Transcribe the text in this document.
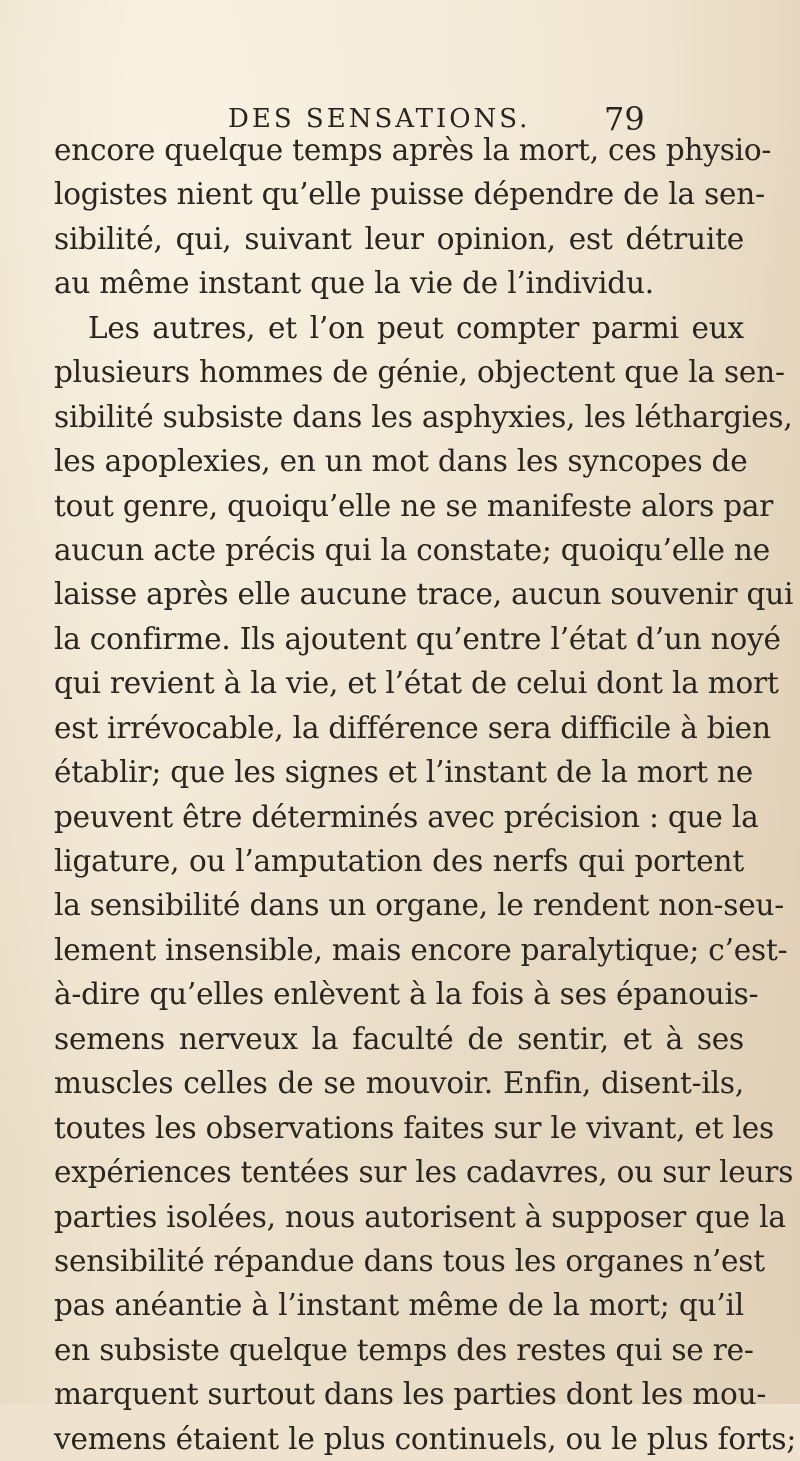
DES SENSATIONS. 79
encore quelque temps après la mort, ces physio-
logistes nient qu’elle puisse dépendre de la sen-
sibilité, qui, suivant leur opinion, est détruite
au même instant que la vie de l’individu.
Les autres, et l’on peut compter parmi eux
plusieurs hommes de génie, objectent que la sen-
sibilité subsiste dans les asphyxies, les léthargies,
les apoplexies, en un mot dans les syncopes de
tout genre, quoiqu’elle ne se manifeste alors par
aucun acte précis qui la constate; quoiqu’elle ne
laisse après elle aucune trace, aucun souvenir qui
la confirme. Ils ajoutent qu’entre l’état d’un noyé
qui revient à la vie, et l’état de celui dont la mort
est irrévocable, la différence sera difficile à bien
établir; que les signes et l’instant de la mort ne
peuvent être déterminés avec précision : que la
ligature, ou l’amputation des nerfs qui portent
la sensibilité dans un organe, le rendent non-seu-
lement insensible, mais encore paralytique; c’est-
à-dire qu’elles enlèvent à la fois à ses épanouis-
semens nerveux la faculté de sentir, et à ses
muscles celles de se mouvoir. Enfin, disent-ils,
toutes les observations faites sur le vivant, et les
expériences tentées sur les cadavres, ou sur leurs
parties isolées, nous autorisent à supposer que la
sensibilité répandue dans tous les organes n’est
pas anéantie à l’instant même de la mort; qu’il
en subsiste quelque temps des restes qui se re-
marquent surtout dans les parties dont les mou-
vemens étaient le plus continuels, ou le plus forts;
